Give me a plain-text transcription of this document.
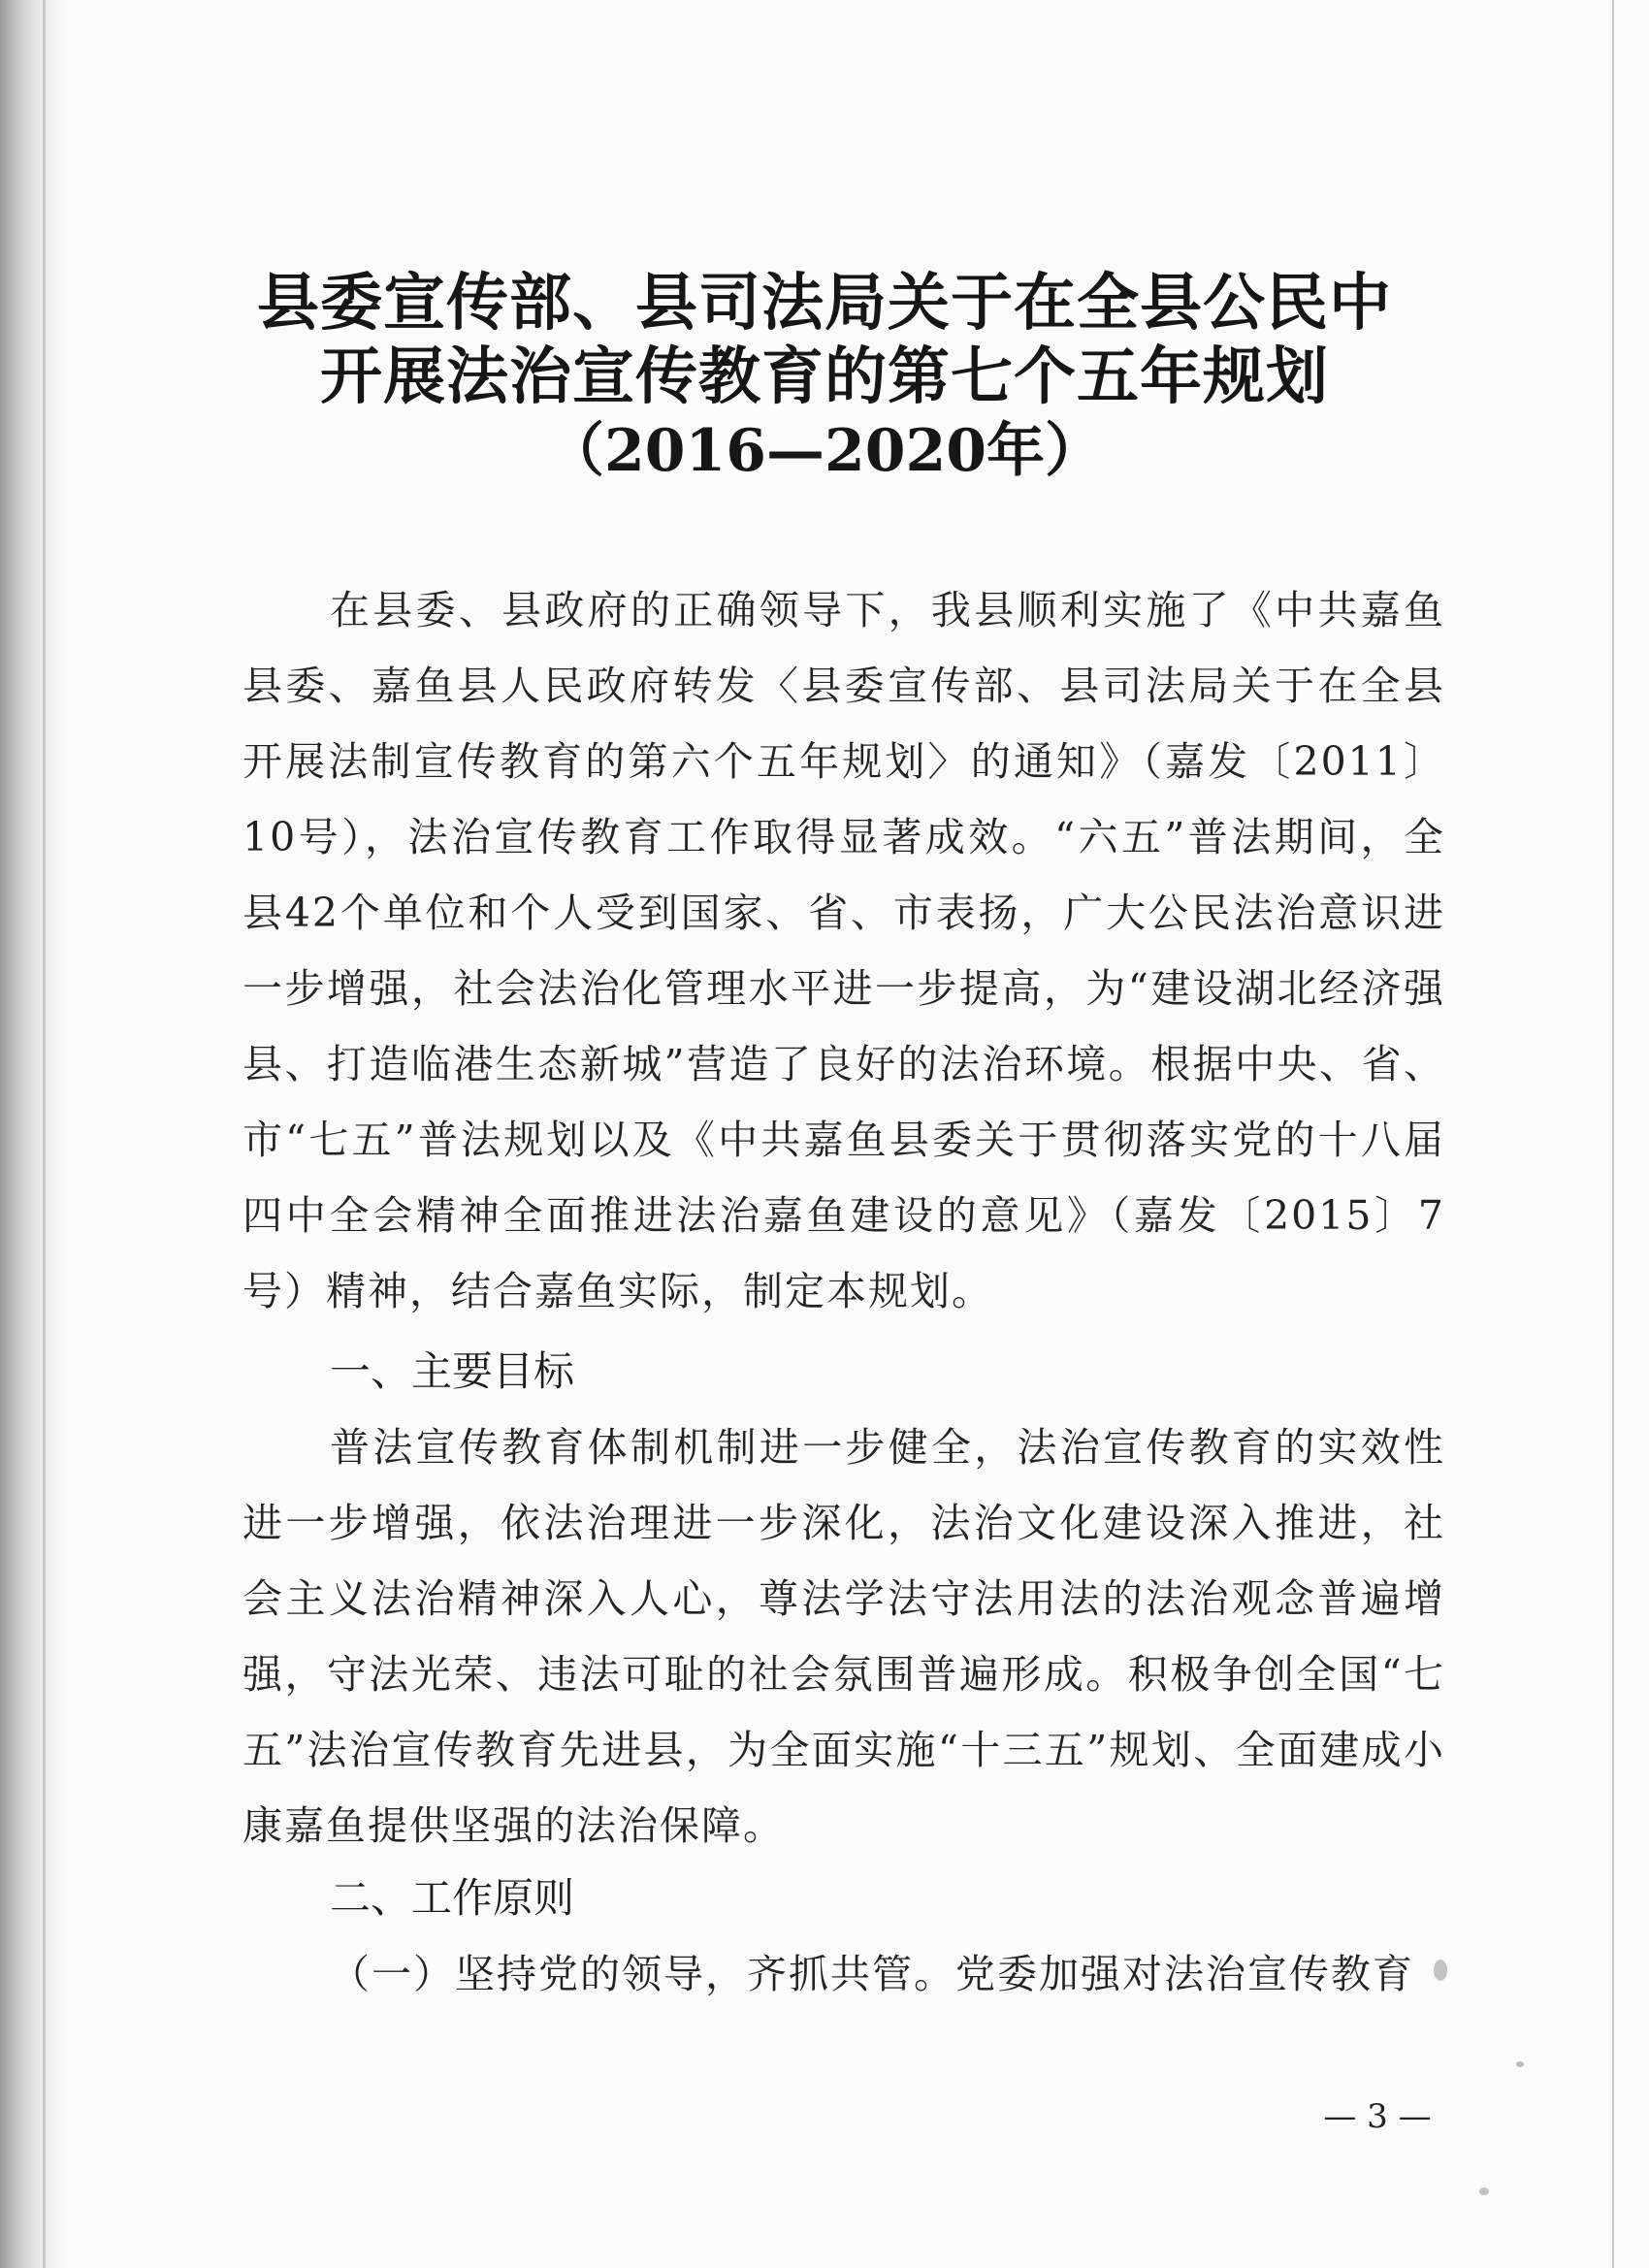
县委宣传部、县司法局关于在全县公民中
开展法治宣传教育的第七个五年规划
（2016—2020年）

在县委、县政府的正确领导下，我县顺利实施了《中共嘉鱼县委、嘉鱼县人民政府转发〈县委宣传部、县司法局关于在全县开展法制宣传教育的第六个五年规划〉的通知》（嘉发〔2011〕10号），法治宣传教育工作取得显著成效。“六五”普法期间，全县42个单位和个人受到国家、省、市表扬，广大公民法治意识进一步增强，社会法治化管理水平进一步提高，为“建设湖北经济强县、打造临港生态新城”营造了良好的法治环境。根据中央、省、市“七五”普法规划以及《中共嘉鱼县委关于贯彻落实党的十八届四中全会精神全面推进法治嘉鱼建设的意见》（嘉发〔2015〕7号）精神，结合嘉鱼实际，制定本规划。

一、主要目标

普法宣传教育体制机制进一步健全，法治宣传教育的实效性进一步增强，依法治理进一步深化，法治文化建设深入推进，社会主义法治精神深入人心，尊法学法守法用法的法治观念普遍增强，守法光荣、违法可耻的社会氛围普遍形成。积极争创全国“七五”法治宣传教育先进县，为全面实施“十三五”规划、全面建成小康嘉鱼提供坚强的法治保障。

二、工作原则

（一）坚持党的领导，齐抓共管。党委加强对法治宣传教育

— 3 —
